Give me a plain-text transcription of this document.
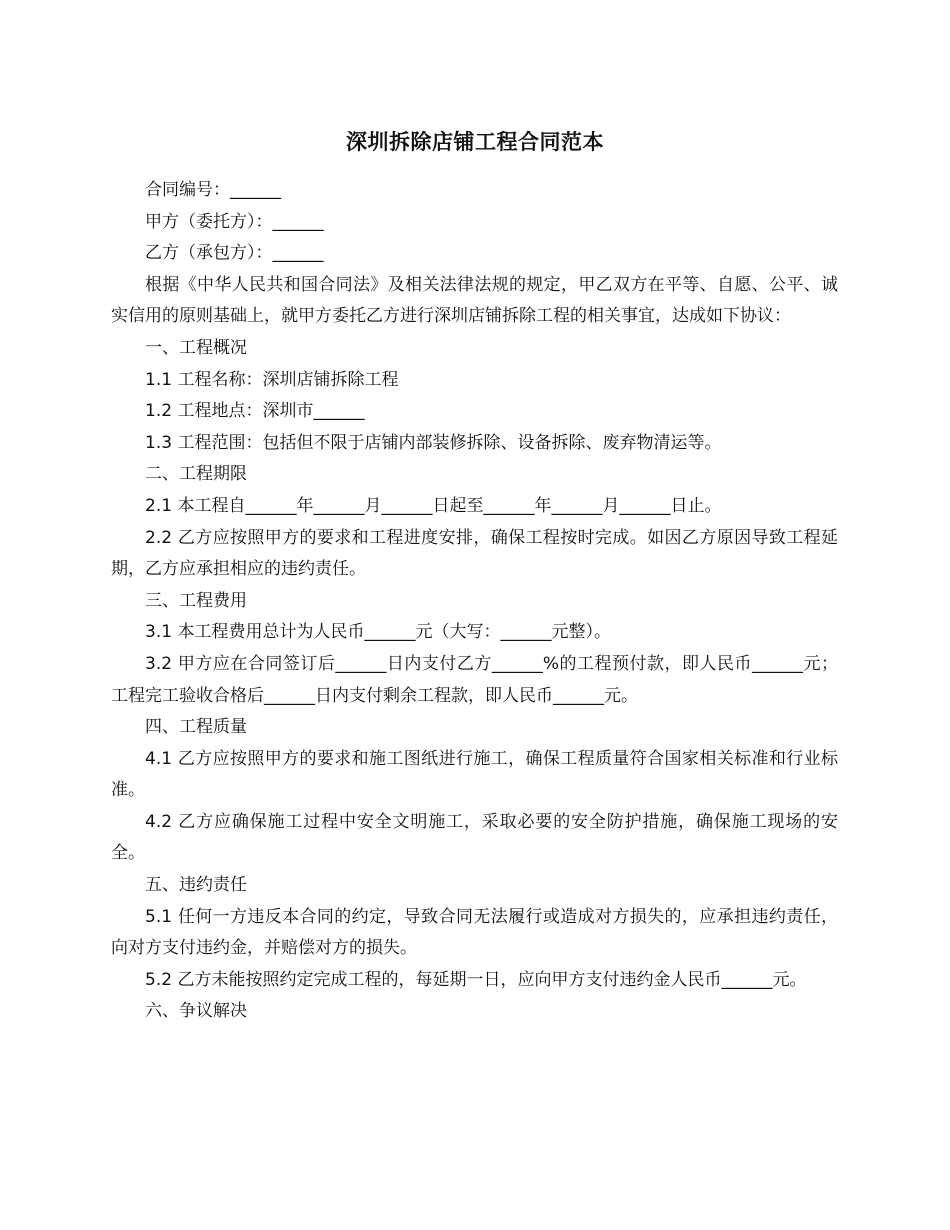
深圳拆除店铺工程合同范本

合同编号：______

甲方（委托方）：______

乙方（承包方）：______

根据《中华人民共和国合同法》及相关法律法规的规定，甲乙双方在平等、自愿、公平、诚实信用的原则基础上，就甲方委托乙方进行深圳店铺拆除工程的相关事宜，达成如下协议：

一、工程概况

1.1 工程名称：深圳店铺拆除工程

1.2 工程地点：深圳市______

1.3 工程范围：包括但不限于店铺内部装修拆除、设备拆除、废弃物清运等。

二、工程期限

2.1 本工程自______年______月______日起至______年______月______日止。

2.2 乙方应按照甲方的要求和工程进度安排，确保工程按时完成。如因乙方原因导致工程延期，乙方应承担相应的违约责任。

三、工程费用

3.1 本工程费用总计为人民币______元（大写：______元整）。

3.2 甲方应在合同签订后______日内支付乙方______%的工程预付款，即人民币______元；工程完工验收合格后______日内支付剩余工程款，即人民币______元。

四、工程质量

4.1 乙方应按照甲方的要求和施工图纸进行施工，确保工程质量符合国家相关标准和行业标准。

4.2 乙方应确保施工过程中安全文明施工，采取必要的安全防护措施，确保施工现场的安全。

五、违约责任

5.1 任何一方违反本合同的约定，导致合同无法履行或造成对方损失的，应承担违约责任，向对方支付违约金，并赔偿对方的损失。

5.2 乙方未能按照约定完成工程的，每延期一日，应向甲方支付违约金人民币______元。

六、争议解决
